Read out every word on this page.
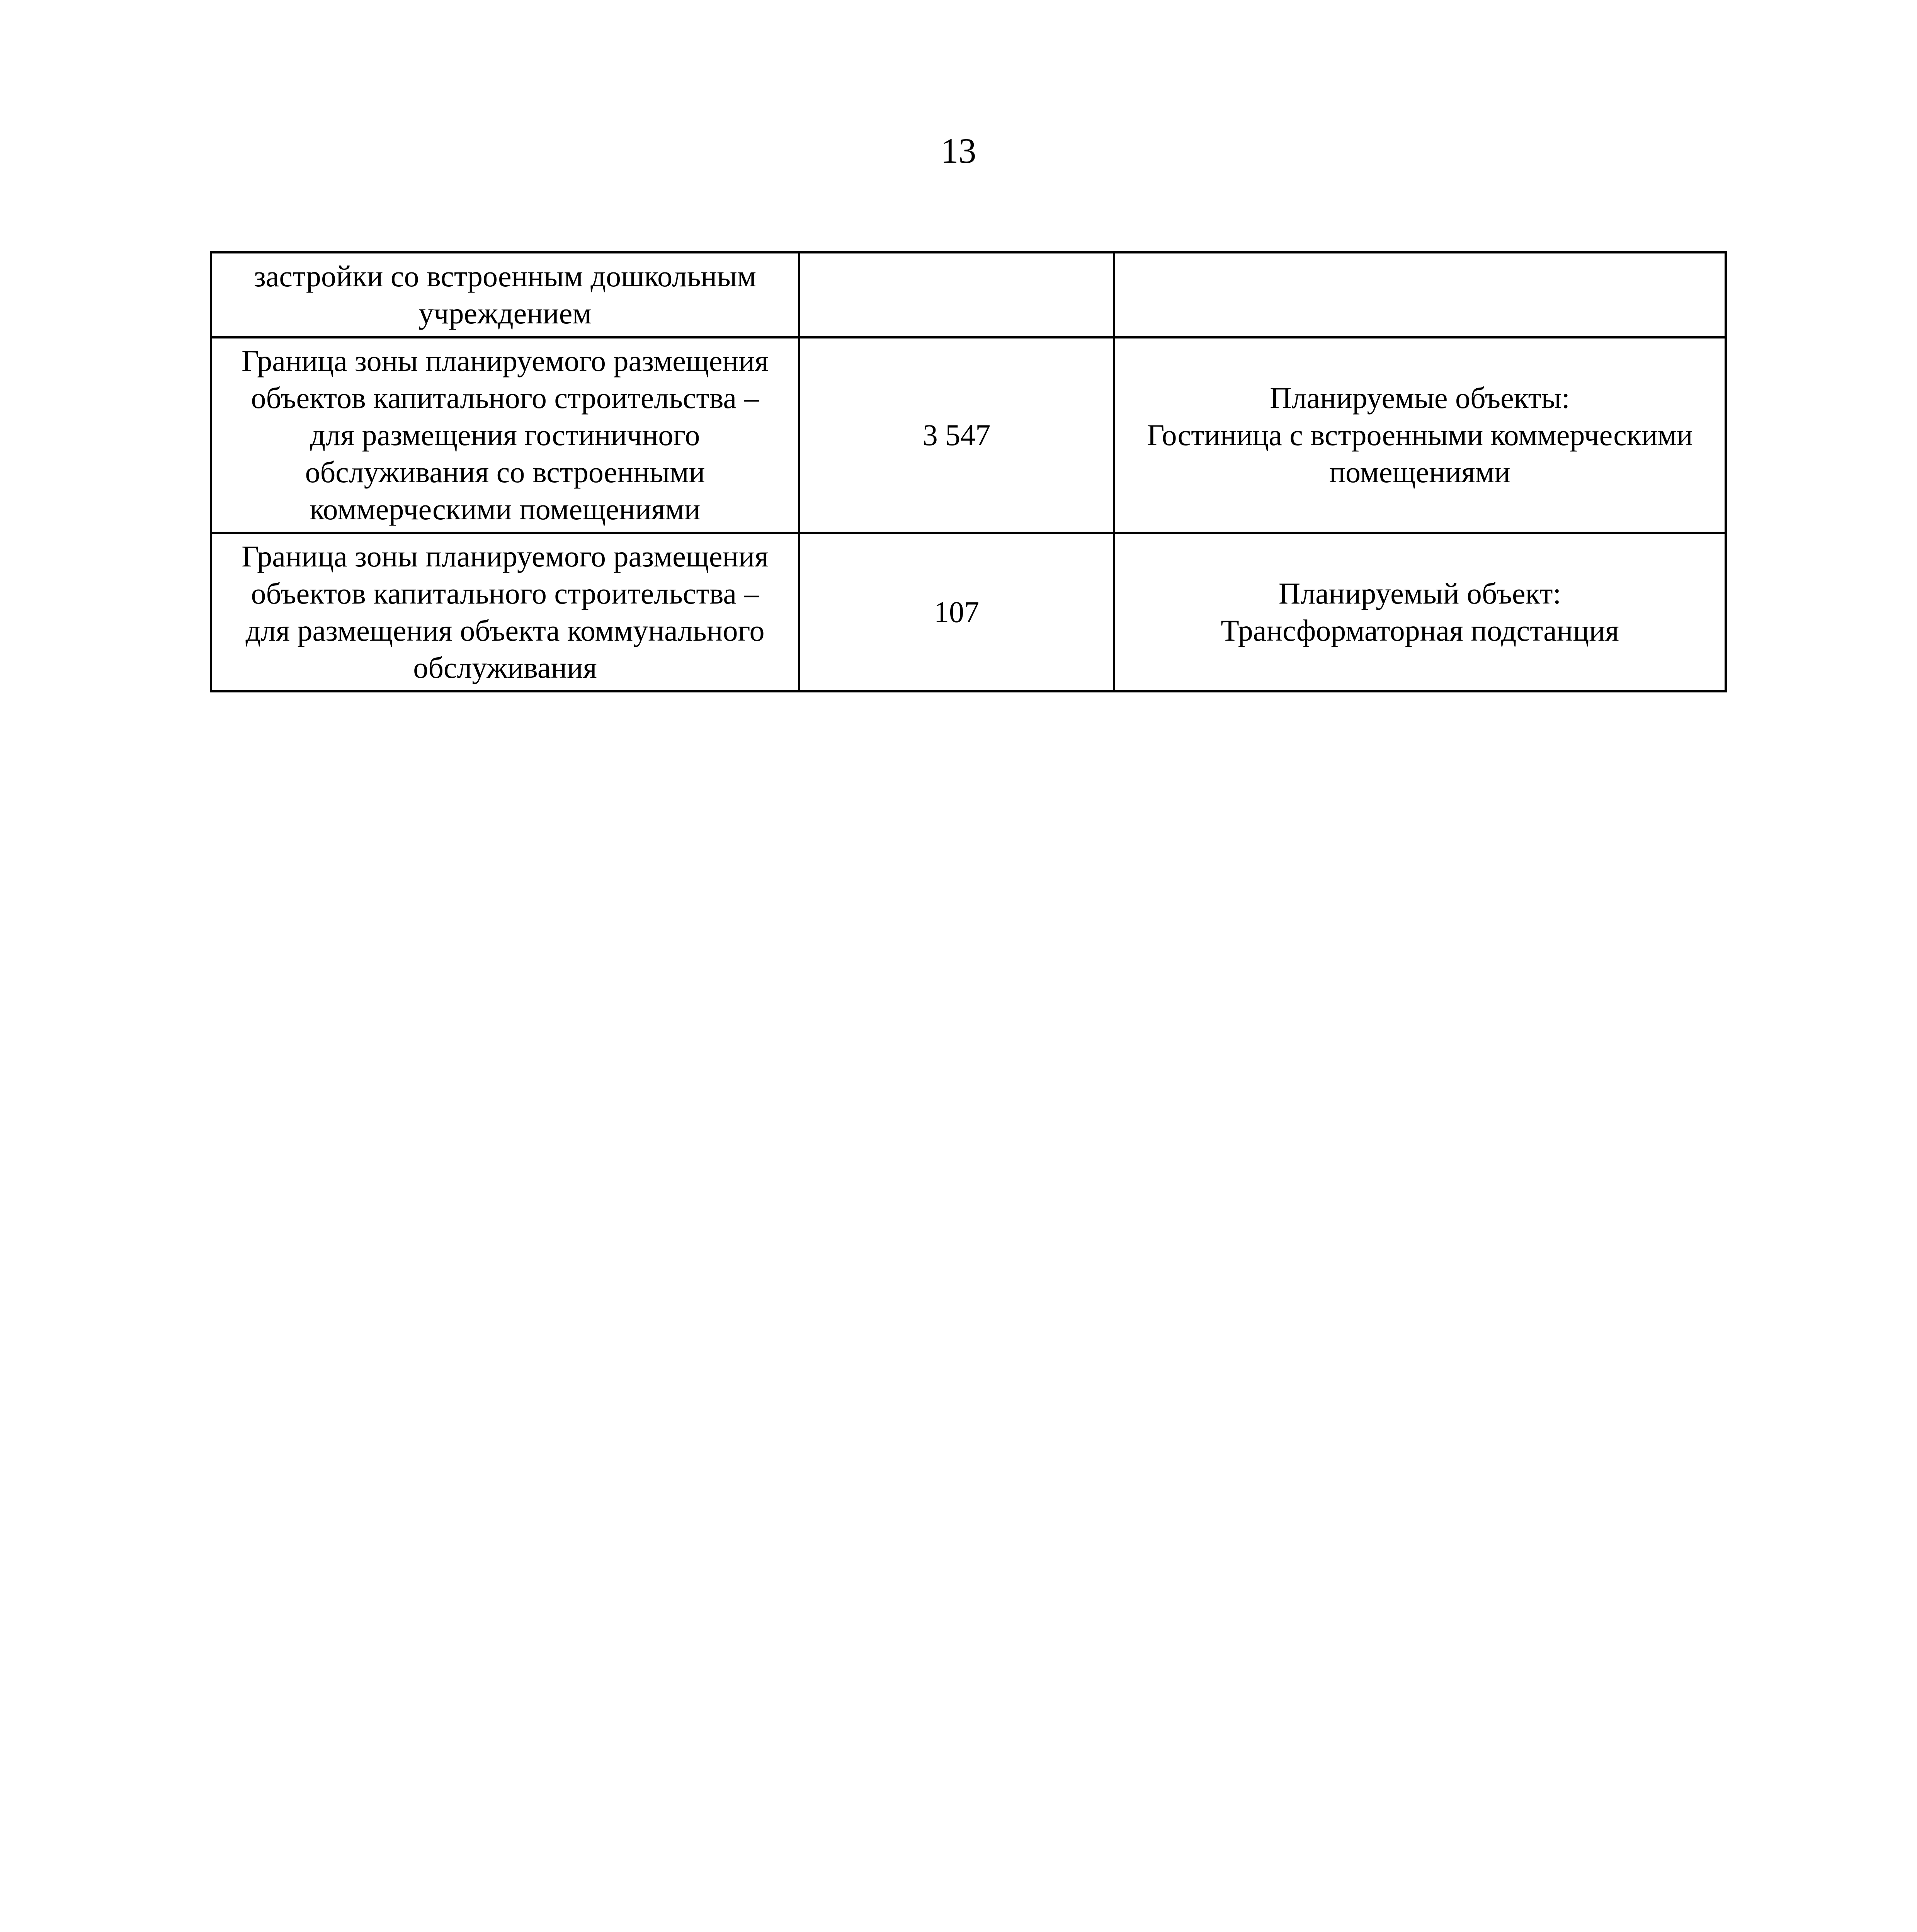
13
застройки со встроенным дошкольным
учреждением		

Граница зоны планируемого размещения
объектов капитального строительства –
для размещения гостиничного
обслуживания со встроенными
коммерческими помещениями	3 547	Планируемые объекты:
Гостиница с встроенными коммерческими
помещениями

Граница зоны планируемого размещения
объектов капитального строительства –
для размещения объекта коммунального
обслуживания	107	Планируемый объект:
Трансформаторная подстанция
